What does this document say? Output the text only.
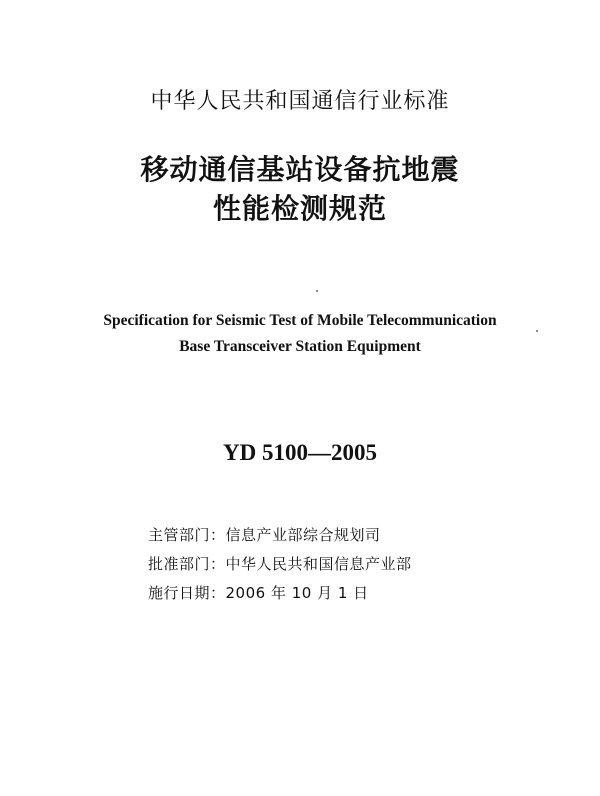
中华人民共和国通信行业标准
移动通信基站设备抗地震
性能检测规范
Specification for Seismic Test of Mobile Telecommunication
Base Transceiver Station Equipment
YD 5100—2005
主管部门：信息产业部综合规划司
批准部门：中华人民共和国信息产业部
施行日期：2006 年 10 月 1 日
